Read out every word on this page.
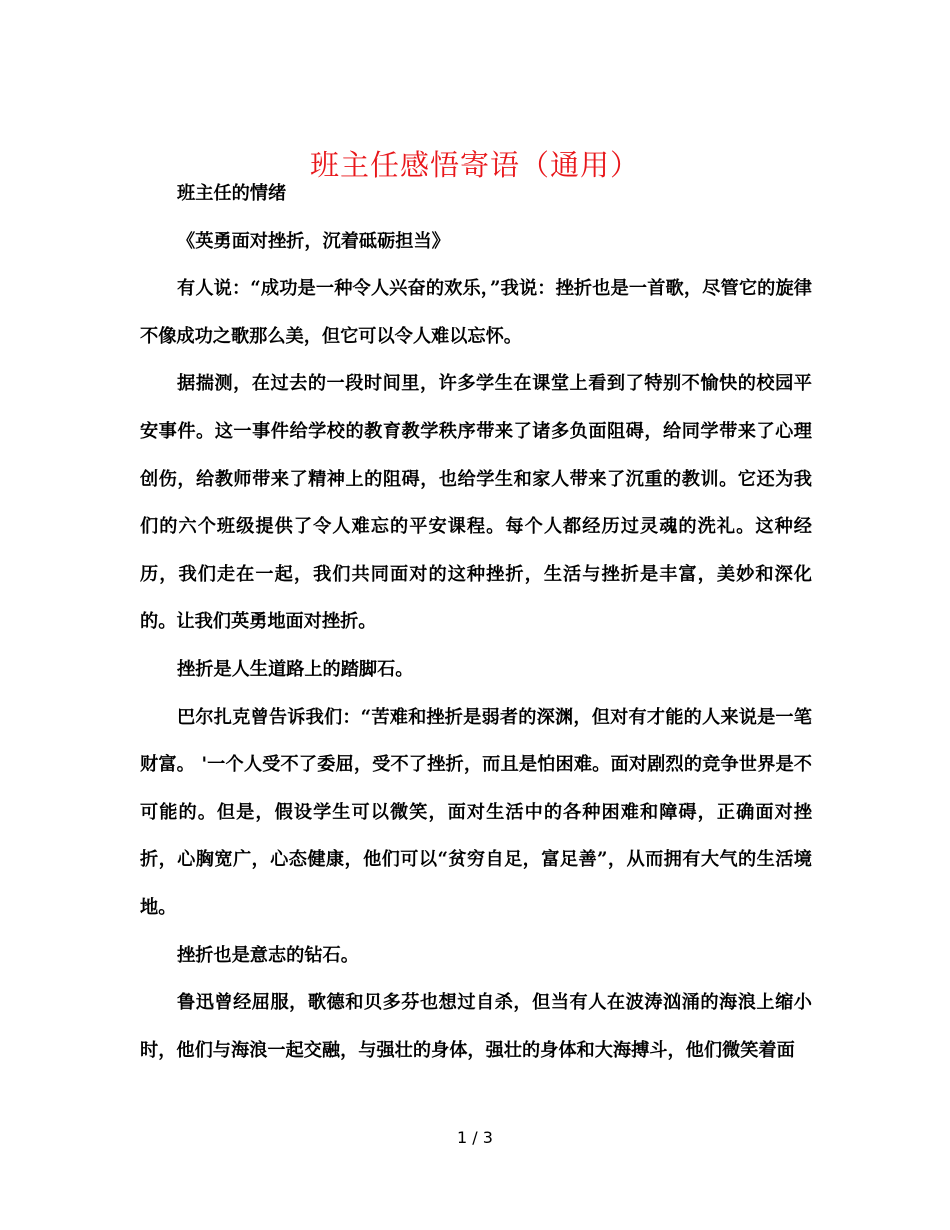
班主任感悟寄语（通用）

班主任的情绪

《英勇面对挫折，沉着砥砺担当》

有人说：“成功是一种令人兴奋的欢乐，”我说：挫折也是一首歌，尽管它的旋律不像成功之歌那么美，但它可以令人难以忘怀。

据揣测，在过去的一段时间里，许多学生在课堂上看到了特别不愉快的校园平安事件。这一事件给学校的教育教学秩序带来了诸多负面阻碍，给同学带来了心理创伤，给教师带来了精神上的阻碍，也给学生和家人带来了沉重的教训。它还为我们的六个班级提供了令人难忘的平安课程。每个人都经历过灵魂的洗礼。这种经历，我们走在一起，我们共同面对的这种挫折，生活与挫折是丰富，美妙和深化的。让我们英勇地面对挫折。

挫折是人生道路上的踏脚石。

巴尔扎克曾告诉我们：“苦难和挫折是弱者的深渊，但对有才能的人来说是一笔财富。 '一个人受不了委屈，受不了挫折，而且是怕困难。面对剧烈的竞争世界是不可能的。但是，假设学生可以微笑，面对生活中的各种困难和障碍，正确面对挫折，心胸宽广，心态健康，他们可以“贫穷自足，富足善”，从而拥有大气的生活境地。

挫折也是意志的钻石。

鲁迅曾经屈服，歌德和贝多芬也想过自杀，但当有人在波涛汹涌的海浪上缩小时，他们与海浪一起交融，与强壮的身体，强壮的身体和大海搏斗，他们微笑着面

1 / 3
